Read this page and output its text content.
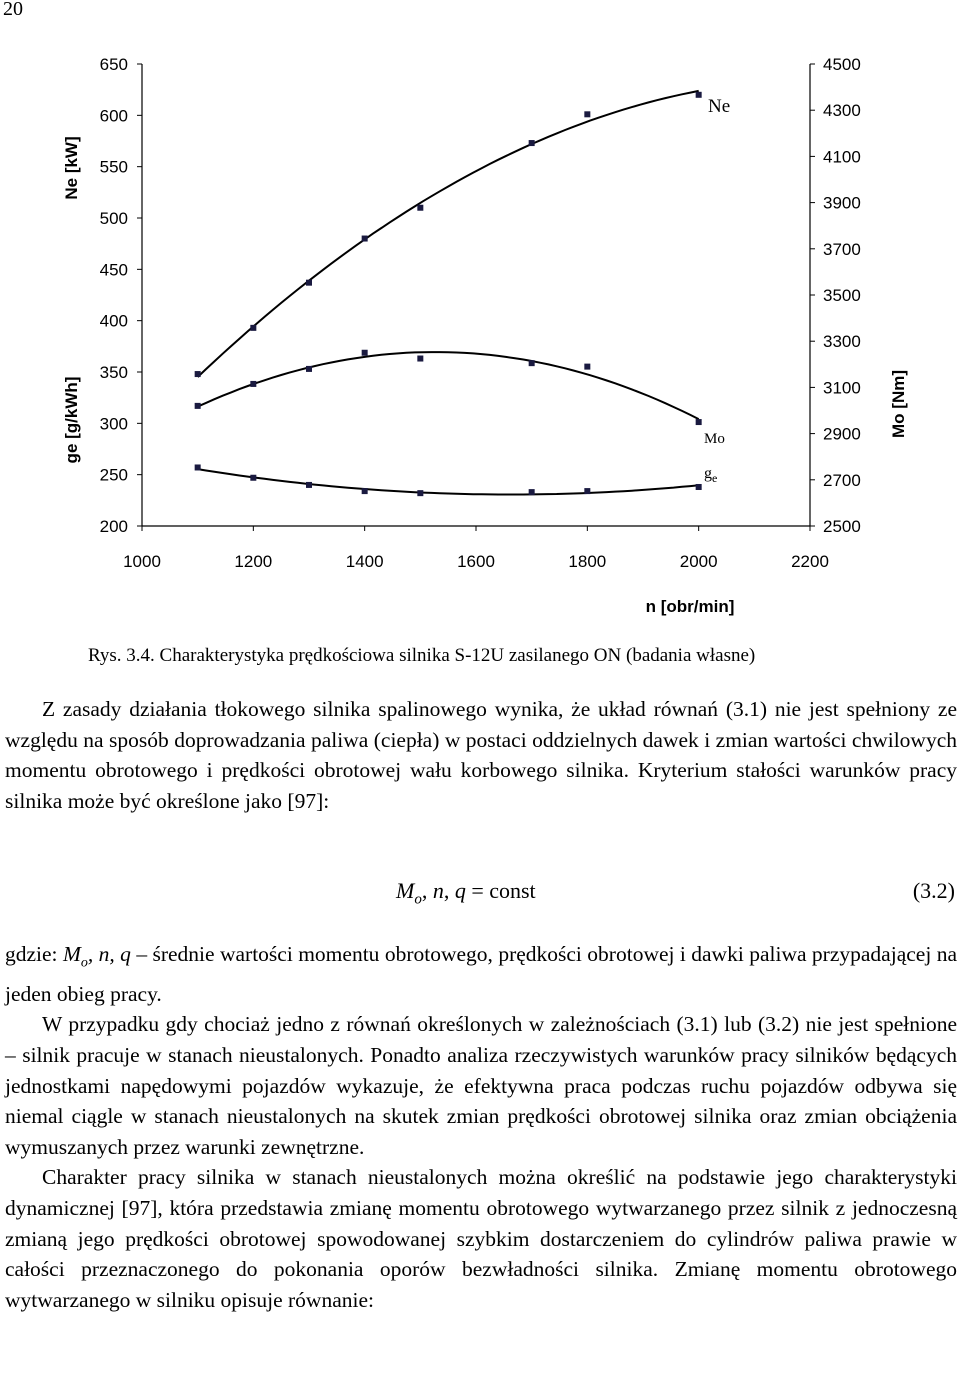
20
200
250
300
350
400
450
500
550
600
650
2500
2700
2900
3100
3300
3500
3700
3900
4100
4300
4500
1000	1200	1400	1600	1800	2000	2200
Ne [kW]
ge [g/kWh]	Mo [Nm]
n [obr/min]
Ne
Mo
$g_e$
Rys. 3.4. Charakterystyka prędkościowa silnika S-12U zasilanego ON (badania własne)

Z zasady działania tłokowego silnika spalinowego wynika, że układ równań (3.1) nie jest spełniony ze względu na sposób doprowadzania paliwa (ciepła) w postaci oddzielnych dawek i zmian wartości chwilowych momentu obrotowego i prędkości obrotowej wału korbowego silnika. Kryterium stałości warunków pracy silnika może być określone jako [97]:

$M_o$, n, q = const	(3.2)

gdzie: $M_o$, n, q – średnie wartości momentu obrotowego, prędkości obrotowej i dawki paliwa przypadającej na jeden obieg pracy.

W przypadku gdy chociaż jedno z równań określonych w zależnościach (3.1) lub (3.2) nie jest spełnione – silnik pracuje w stanach nieustalonych. Ponadto analiza rzeczywistych warunków pracy silników będących jednostkami napędowymi pojazdów wykazuje, że efektywna praca podczas ruchu pojazdów odbywa się niemal ciągle w stanach nieustalonych na skutek zmian prędkości obrotowej silnika oraz zmian obciążenia wymuszanych przez warunki zewnętrzne.

Charakter pracy silnika w stanach nieustalonych można określić na podstawie jego charakterystyki dynamicznej [97], która przedstawia zmianę momentu obrotowego wytwarzanego przez silnik z jednoczesną zmianą jego prędkości obrotowej spowodowanej szybkim dostarczeniem do cylindrów paliwa prawie w całości przeznaczonego do pokonania oporów bezwładności silnika. Zmianę momentu obrotowego wytwarzanego w silniku opisuje równanie:
